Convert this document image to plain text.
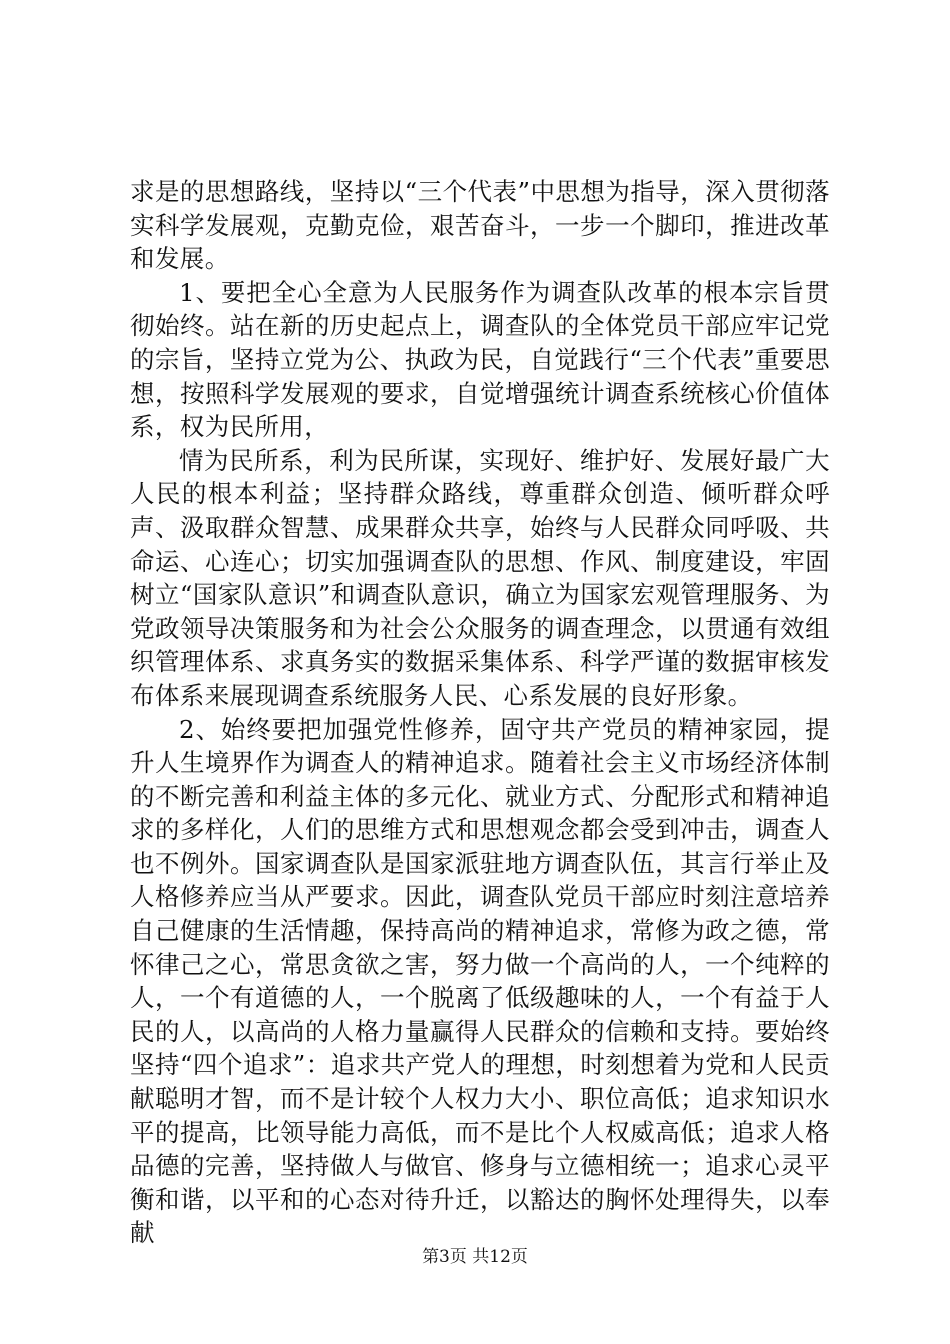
求是的思想路线，坚持以“三个代表”中思想为指导，深入贯彻落实科学发展观，克勤克俭，艰苦奋斗，一步一个脚印，推进改革和发展。

1、要把全心全意为人民服务作为调查队改革的根本宗旨贯彻始终。站在新的历史起点上，调查队的全体党员干部应牢记党的宗旨，坚持立党为公、执政为民，自觉践行“三个代表”重要思想，按照科学发展观的要求，自觉增强统计调查系统核心价值体系，权为民所用，

情为民所系，利为民所谋，实现好、维护好、发展好最广大人民的根本利益；坚持群众路线，尊重群众创造、倾听群众呼声、汲取群众智慧、成果群众共享，始终与人民群众同呼吸、共命运、心连心；切实加强调查队的思想、作风、制度建设，牢固树立“国家队意识”和调查队意识，确立为国家宏观管理服务、为党政领导决策服务和为社会公众服务的调查理念，以贯通有效组织管理体系、求真务实的数据采集体系、科学严谨的数据审核发布体系来展现调查系统服务人民、心系发展的良好形象。

2、始终要把加强党性修养，固守共产党员的精神家园，提升人生境界作为调查人的精神追求。随着社会主义市场经济体制的不断完善和利益主体的多元化、就业方式、分配形式和精神追求的多样化，人们的思维方式和思想观念都会受到冲击，调查人也不例外。国家调查队是国家派驻地方调查队伍，其言行举止及人格修养应当从严要求。因此，调查队党员干部应时刻注意培养自己健康的生活情趣，保持高尚的精神追求，常修为政之德，常怀律己之心，常思贪欲之害，努力做一个高尚的人，一个纯粹的人，一个有道德的人，一个脱离了低级趣味的人，一个有益于人民的人，以高尚的人格力量赢得人民群众的信赖和支持。要始终坚持“四个追求”：追求共产党人的理想，时刻想着为党和人民贡献聪明才智，而不是计较个人权力大小、职位高低；追求知识水平的提高，比领导能力高低，而不是比个人权威高低；追求人格品德的完善，坚持做人与做官、修身与立德相统一；追求心灵平衡和谐，以平和的心态对待升迁，以豁达的胸怀处理得失，以奉献

第3页 共12页
